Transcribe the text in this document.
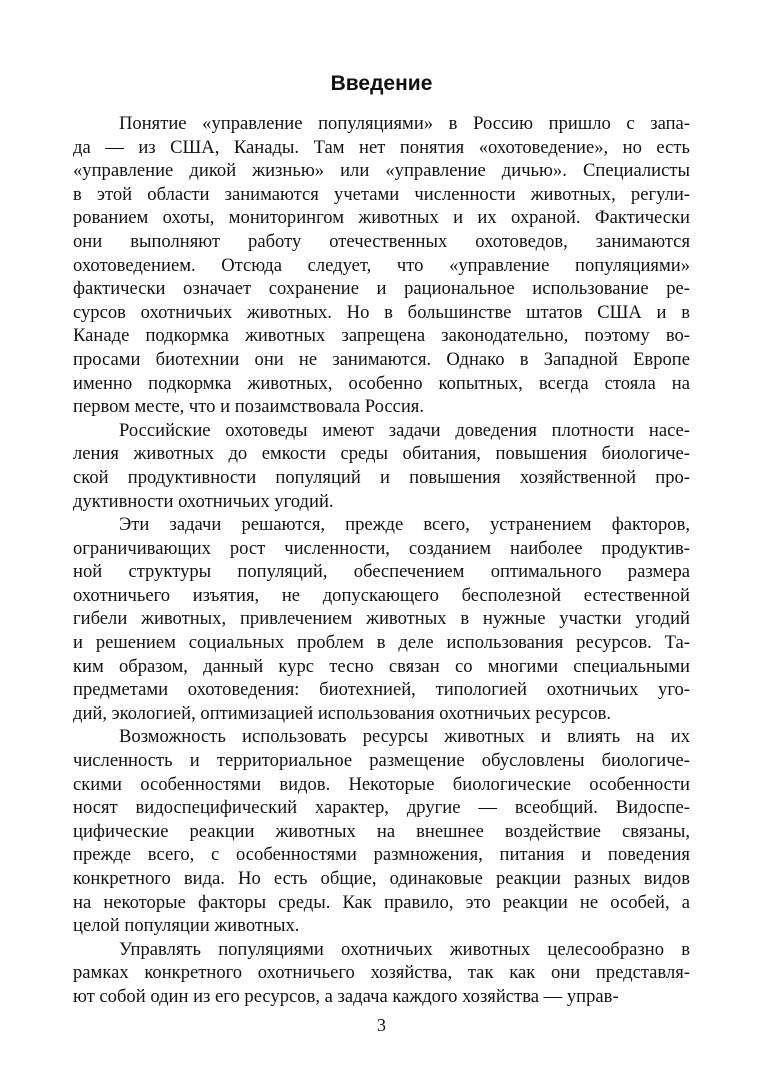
Введение
Понятие «управление популяциями» в Россию пришло с запа-
да — из США, Канады. Там нет понятия «охотоведение», но есть
«управление дикой жизнью» или «управление дичью». Специалисты
в этой области занимаются учетами численности животных, регули-
рованием охоты, мониторингом животных и их охраной. Фактически
они выполняют работу отечественных охотоведов, занимаются
охотоведением. Отсюда следует, что «управление популяциями»
фактически означает сохранение и рациональное использование ре-
сурсов охотничьих животных. Но в большинстве штатов США и в
Канаде подкормка животных запрещена законодательно, поэтому во-
просами биотехнии они не занимаются. Однако в Западной Европе
именно подкормка животных, особенно копытных, всегда стояла на
первом месте, что и позаимствовала Россия.
Российские охотоведы имеют задачи доведения плотности насе-
ления животных до емкости среды обитания, повышения биологиче-
ской продуктивности популяций и повышения хозяйственной про-
дуктивности охотничьих угодий.
Эти задачи решаются, прежде всего, устранением факторов,
ограничивающих рост численности, созданием наиболее продуктив-
ной структуры популяций, обеспечением оптимального размера
охотничьего изъятия, не допускающего бесполезной естественной
гибели животных, привлечением животных в нужные участки угодий
и решением социальных проблем в деле использования ресурсов. Та-
ким образом, данный курс тесно связан со многими специальными
предметами охотоведения: биотехнией, типологией охотничьих уго-
дий, экологией, оптимизацией использования охотничьих ресурсов.
Возможность использовать ресурсы животных и влиять на их
численность и территориальное размещение обусловлены биологиче-
скими особенностями видов. Некоторые биологические особенности
носят видоспецифический характер, другие — всеобщий. Видоспе-
цифические реакции животных на внешнее воздействие связаны,
прежде всего, с особенностями размножения, питания и поведения
конкретного вида. Но есть общие, одинаковые реакции разных видов
на некоторые факторы среды. Как правило, это реакции не особей, а
целой популяции животных.
Управлять популяциями охотничьих животных целесообразно в
рамках конкретного охотничьего хозяйства, так как они представля-
ют собой один из его ресурсов, а задача каждого хозяйства — управ-
3
